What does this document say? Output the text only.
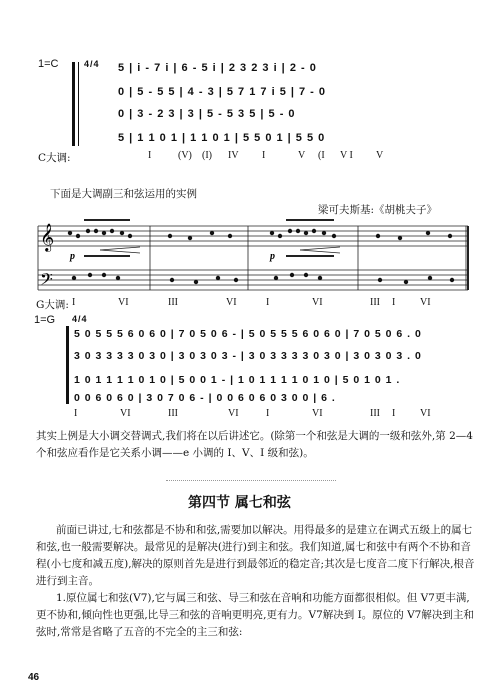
1=C	4/4 5 | i - 7 i | 6 - 5 i | 2 3 2 3 i | 2 - 0
0 | 5 - 5 5 | 4 - 3 | 5 7 1 7 i 5 | 7 - 0
0 | 3 - 2 3 | 3 | 5 - 5 3 5 | 5 - 0
5 | 1 1 0 1 | 1 1 0 1 | 5 5 0 1 | 5 5 0
C大调:	I	(V) (I) IV I	V (I V I V
下面是大调副三和弦运用的实例
梁可夫斯基:《胡桃夫子》
𝄞
𝄢
p	p
G大调: I	VI	III	VI	I	VI	III I VI
1=G 4/4
5 0 5 5 5 6 0 6 0 | 7 0 5 0 6 - | 5 0 5 5 5 6 0 6 0 | 7 0 5 0 6 . 0
3 0 3 3 3 3 0 3 0 | 3 0 3 0 3 - | 3 0 3 3 3 3 0 3 0 | 3 0 3 0 3 . 0
1 0 1 1 1 1 0 1 0 | 5 0 0 1 - | 1 0 1 1 1 1 0 1 0 | 5 0 1 0 1 .
0 0 6 0 6 0 | 3 0 7 0 6 - | 0 0 6 0 6 0 3 0 0 | 6 .
I	VI	III	VI	I	VI	III I VI
其实上例是大小调交替调式,我们将在以后讲述它。(除第一个和弦是大调的一级和弦外,第 2—4 个和弦应看作是它关系小调——e 小调的 I、V、I 级和弦)。
第四节 属七和弦
前面已讲过,七和弦都是不协和和弦,需要加以解决。用得最多的是建立在调式五级上的属七和弦,也一般需要解决。最常见的是解决(进行)到主和弦。我们知道,属七和弦中有两个不协和音程(小七度和减五度),解决的原则首先是进行到最邻近的稳定音;其次是七度音二度下行解决,根音进行到主音。
1.原位属七和弦(V7),它与属三和弦、导三和弦在音响和功能方面都很相似。但 V7更丰满,更不协和,倾向性也更强,比导三和弦的音响更明亮,更有力。V7解决到 I。原位的 V7解决到主和弦时,常常是省略了五音的不完全的主三和弦:
46
